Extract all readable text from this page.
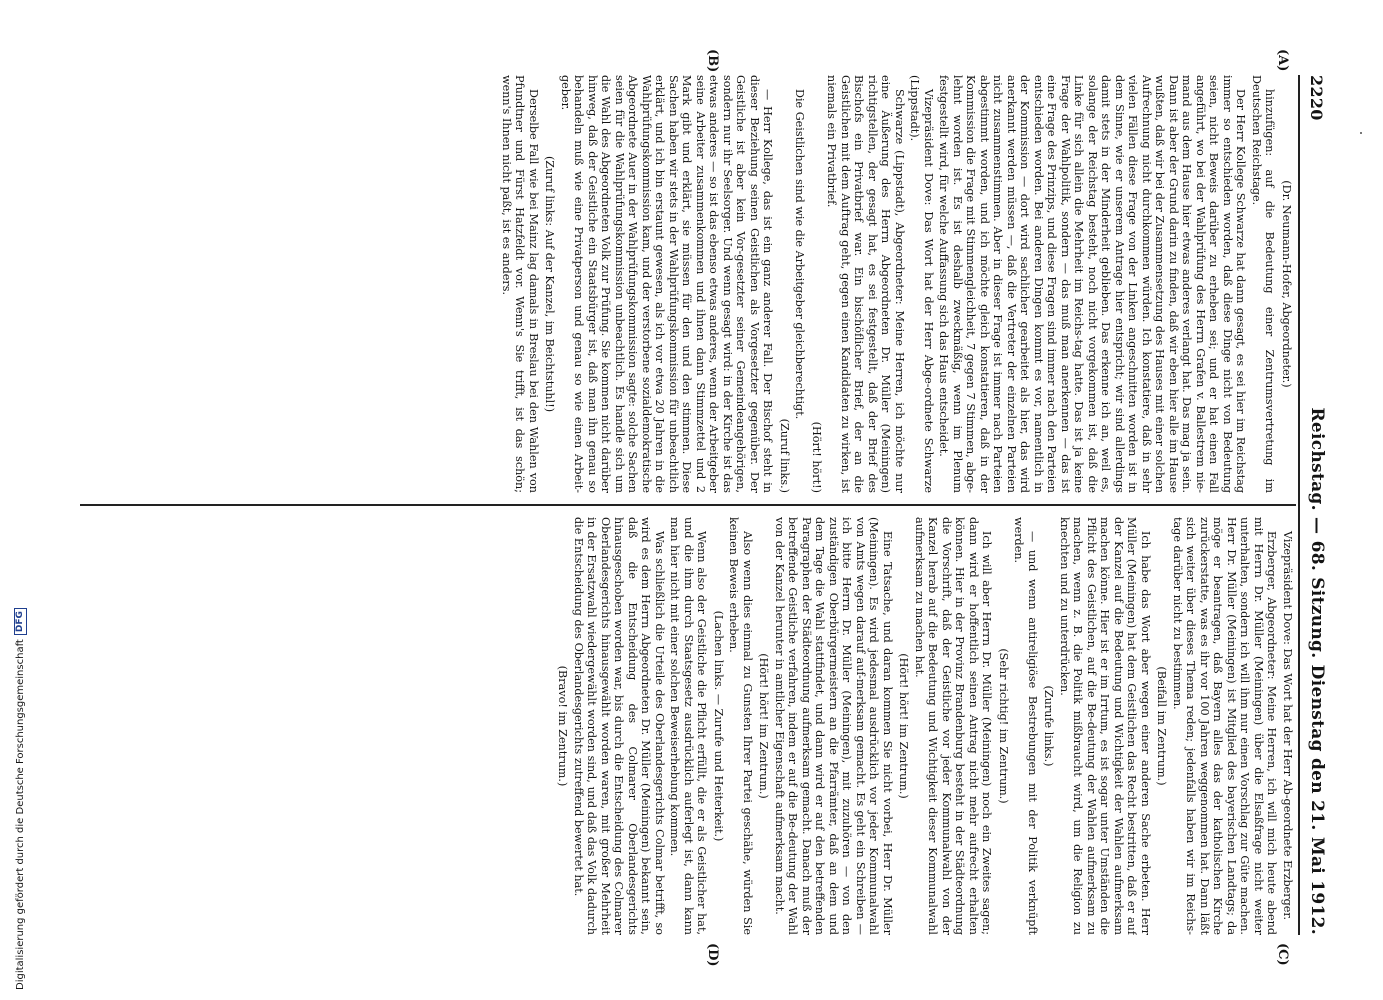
2220
Reichstag. — 68. Sitzung. Dienstag den 21. Mai 1912.
(A)
(B)
(C)
(D)

(Dr. Neumann-Hofer, Abgeordneter.)

hinzufügen: auf die Bedeutung einer Zentrumsvertretung im Deutschen Reichstage.

Der Herr Kollege Schwarze hat dann gesagt, es sei hier im Reichstag immer so entschieden worden, daß diese Dinge nicht von Bedeutung seien, nicht Beweis darüber zu erheben sei; und er hat einen Fall angeführt, wo bei der Wahlprüfung des Herrn Grafen v. Ballestrem nie-mand aus dem Hause hier etwas anderes verlangt hat. Das mag ja sein. Dann ist aber der Grund darin zu finden, daß wir eben hier alle im Hause wußten, daß wir bei der Zusammensetzung des Hauses mit einer solchen Aufrechnung nicht durchkommen würden. Ich konstatiere, daß in sehr vielen Fällen diese Frage von der Linken angeschnitten worden ist in dem Sinne, wie er unserem Antrage hier entspricht; wir sind allerdings damit stets in der Minderheit geblieben. Das erkenne ich an, weil es, solange der Reichstag besteht, noch nicht vorgekommen ist, daß die Linke für sich allein die Mehrheit im Reichs-tag hatte. Das ist ja keine Frage der Wahlpolitik, sondern — das muß man anerkennen — das ist eine Frage des Prinzips, und diese Fragen sind immer nach den Parteien entschieden worden. Bei anderen Dingen kommt es vor, namentlich in der Kommission — dort wird sachlicher gearbeitet als hier, das wird anerkannt werden müssen —, daß die Vertreter der einzelnen Parteien nicht zusammenstimmen. Aber in dieser Frage ist immer nach Parteien abgestimmt worden, und ich möchte gleich konstatieren, daß in der Kommission die Frage mit Stimmengleichheit, 7 gegen 7 Stimmen, abge-lehnt worden ist. Es ist deshalb zweckmäßig, wenn im Plenum festgestellt wird, für welche Auffassung sich das Haus entscheidet.

Vizepräsident Dove: Das Wort hat der Herr Abge-ordnete Schwarze (Lippstadt).

Schwarze (Lippstadt), Abgeordneter: Meine Herren, ich möchte nur eine Äußerung des Herrn Abgeordneten Dr. Müller (Meiningen) richtigstellen, der gesagt hat, es sei festgestellt, daß der Brief des Bischofs ein Privatbrief war. Ein bischöflicher Brief, der an die Geistlichen mit dem Auftrag geht, gegen einen Kandidaten zu wirken, ist niemals ein Privatbrief.

(Hört! hört!)

Die Geistlichen sind wie die Arbeitgeber gleichberechtigt.

(Zuruf links.)

— Herr Kollege, das ist ein ganz anderer Fall. Der Bischof steht in dieser Beziehung seinen Geistlichen als Vorgesetzter gegenüber. Der Geistliche ist aber kein Vor-gesetzter seiner Gemeindeangehörigen, sondern nur ihr Seelsorger. Und wenn gesagt wird: in der Kirche ist das etwas anderes — so ist das ebenso etwas anderes, wenn der Arbeitgeber seine Arbeiter zusammenkommen und ihnen dann Stimmzettel und 2 Mark gibt und erklärt, sie müssen für den und den stimmen. Diese Sachen haben wir stets in der Wahlprüfungskommission für unbeachtlich erklärt, und ich bin erstaunt gewesen, als ich vor etwa 20 Jahren in die Wahlprüfungskommission kam, und der verstorbene sozialdemokratische Abgeordnete Auer in der Wahlprüfungskommission sagte: solche Sachen seien für die Wahlprüfungskommission unbeachtlich. Es handle sich um die Wahl des Abgeordneten Volk zur Prüfung. Sie kommen nicht darüber hinweg, daß der Geistliche ein Staatsbürger ist, daß man ihn genau so behandeln muß wie eine Privatperson und genau so wie einen Arbeit-geber.

(Zuruf links: Auf der Kanzel, im Beichtstuhl!)

Derselbe Fall wie bei Mainz lag damals in Breslau bei den Wahlen von Pfundtner und Fürst Hatzfeldt vor. Wenn's Sie trifft, ist das schön; wenn's Ihnen nicht paßt, ist es anders.

Vizepräsident Dove: Das Wort hat der Herr Ab-geordnete Erzberger.

Erzberger, Abgeordneter: Meine Herren, ich will mich heute abend mit Herrn Dr. Müller (Meiningen) über die Elsaßfrage nicht weiter unterhalten, sondern ich will ihm nur einen Vorschlag zur Güte machen. Herr Dr. Müller (Meiningen) ist Mitglied des bayerischen Landtags; da möge er beantragen, daß Bayern alles das der katholischen Kirche zurückerstatte, was es ihr vor 100 Jahren weggenommen hat. Dann läßt sich weiter über dieses Thema reden; jedenfalls haben wir im Reichs-tage darüber nicht zu bestimmen.

(Beifall im Zentrum.)

Ich habe das Wort aber wegen einer anderen Sache erbeten. Herr Müller (Meiningen) hat dem Geistlichen das Recht bestritten, daß er auf der Kanzel auf die Bedeutung und Wichtigkeit der Wahlen aufmerksam machen könne. Hier ist er im Irrtum, es ist sogar unter Umständen die Pflicht des Geistlichen, auf die Be-deutung der Wahlen aufmerksam zu machen, wenn z. B. die Politik mißbraucht wird, um die Religion zu knechten und zu unterdrücken.

(Zurufe links.)

— und wenn antireligiöse Bestrebungen mit der Politik verknüpft werden.

(Sehr richtig! im Zentrum.)

Ich will aber Herrn Dr. Müller (Meiningen) noch ein Zweites sagen; dann wird er hoffentlich seinen Antrag nicht mehr aufrecht erhalten können. Hier in der Provinz Brandenburg besteht in der Städteordnung die Vorschrift, daß der Geistliche vor jeder Kommunalwahl von der Kanzel herab auf die Bedeutung und Wichtigkeit dieser Kommunalwahl aufmerksam zu machen hat.

(Hört! hört! im Zentrum.)

Eine Tatsache, und daran kommen Sie nicht vorbei, Herr Dr. Müller (Meiningen). Es wird jedesmal ausdrücklich vor jeder Kommunalwahl von Amts wegen darauf auf-merksam gemacht. Es geht ein Schreiben — ich bitte Herrn Dr. Müller (Meiningen), mit zuzuhören — von den zuständigen Oberbürgermeistern an die Pfarrämter, daß an dem und dem Tage die Wahl stattfindet, und dann wird er auf den betreffenden Paragraphen der Städteordnung aufmerksam gemacht. Danach muß der betreffende Geistliche verfahren, indem er auf die Be-deutung der Wahl von der Kanzel herunter in amtlicher Eigenschaft aufmerksam macht.

(Hört! hört! im Zentrum.)

Also wenn dies einmal zu Gunsten Ihrer Partei geschähe, würden Sie keinen Beweis erheben.

(Lachen links. — Zurufe und Heiterkeit.)

Wenn also der Geistliche die Pflicht erfüllt, die er als Geistlicher hat, und die ihm durch Staatsgesetz ausdrücklich auferlegt ist, dann kann man hier nicht mit einer solchen Beweiserhebung kommen.

Was schließlich die Urteile des Oberlandesgerichts Colmar betrifft, so wird es dem Herrn Abgeordneten Dr. Müller (Meiningen) bekannt sein, daß die Entscheidung des Colmarer Oberlandesgerichts hinausgeschoben worden war, bis durch die Entscheidung des Colmarer Oberlandesgerichts hinausgewählt worden waren, mit großer Mehrheit in der Ersatzwahl wiedergewählt worden sind, und daß das Volk dadurch die Entscheidung des Oberlandesgerichts zutreffend bewertet hat.

(Bravo! im Zentrum.)

Digitalisierung gefördert durch die Deutsche Forschungsgemeinschaft
DFG
